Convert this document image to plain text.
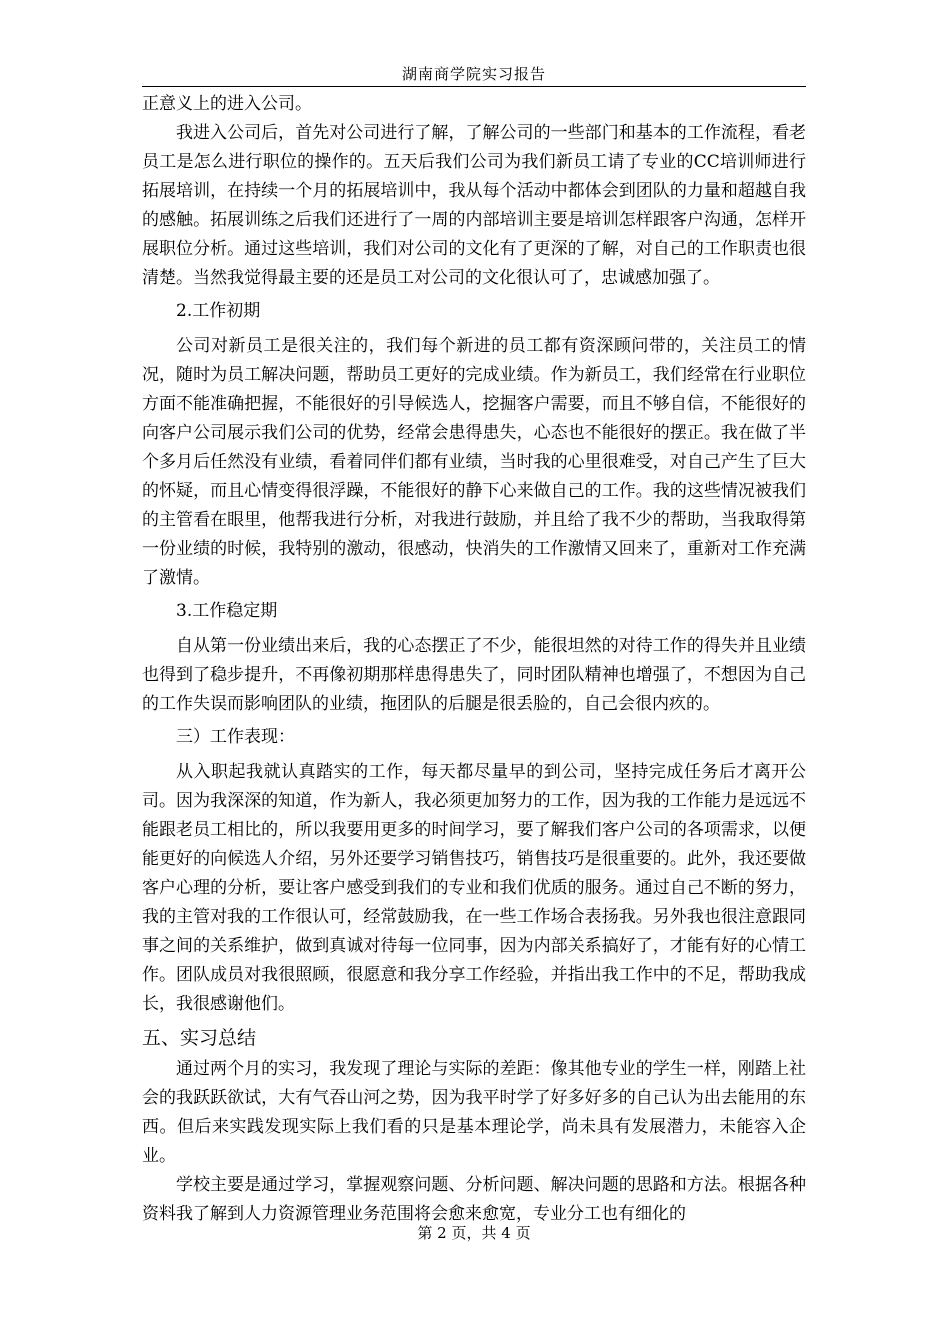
湖南商学院实习报告

正意义上的进入公司。

我进入公司后，首先对公司进行了解，了解公司的一些部门和基本的工作流程，看老员工是怎么进行职位的操作的。五天后我们公司为我们新员工请了专业的CC培训师进行拓展培训，在持续一个月的拓展培训中，我从每个活动中都体会到团队的力量和超越自我的感触。拓展训练之后我们还进行了一周的内部培训主要是培训怎样跟客户沟通，怎样开展职位分析。通过这些培训，我们对公司的文化有了更深的了解，对自己的工作职责也很清楚。当然我觉得最主要的还是员工对公司的文化很认可了，忠诚感加强了。

2.工作初期

公司对新员工是很关注的，我们每个新进的员工都有资深顾问带的，关注员工的情况，随时为员工解决问题，帮助员工更好的完成业绩。作为新员工，我们经常在行业职位方面不能准确把握，不能很好的引导候选人，挖掘客户需要，而且不够自信，不能很好的向客户公司展示我们公司的优势，经常会患得患失，心态也不能很好的摆正。我在做了半个多月后任然没有业绩，看着同伴们都有业绩，当时我的心里很难受，对自己产生了巨大的怀疑，而且心情变得很浮躁，不能很好的静下心来做自己的工作。我的这些情况被我们的主管看在眼里，他帮我进行分析，对我进行鼓励，并且给了我不少的帮助，当我取得第一份业绩的时候，我特别的激动，很感动，快消失的工作激情又回来了，重新对工作充满了激情。

3.工作稳定期

自从第一份业绩出来后，我的心态摆正了不少，能很坦然的对待工作的得失并且业绩也得到了稳步提升，不再像初期那样患得患失了，同时团队精神也增强了，不想因为自己的工作失误而影响团队的业绩，拖团队的后腿是很丢脸的，自己会很内疚的。

三）工作表现：

从入职起我就认真踏实的工作，每天都尽量早的到公司，坚持完成任务后才离开公司。因为我深深的知道，作为新人，我必须更加努力的工作，因为我的工作能力是远远不能跟老员工相比的，所以我要用更多的时间学习，要了解我们客户公司的各项需求，以便能更好的向候选人介绍，另外还要学习销售技巧，销售技巧是很重要的。此外，我还要做客户心理的分析，要让客户感受到我们的专业和我们优质的服务。通过自己不断的努力，我的主管对我的工作很认可，经常鼓励我，在一些工作场合表扬我。另外我也很注意跟同事之间的关系维护，做到真诚对待每一位同事，因为内部关系搞好了，才能有好的心情工作。团队成员对我很照顾，很愿意和我分享工作经验，并指出我工作中的不足，帮助我成长，我很感谢他们。

五、实习总结

通过两个月的实习，我发现了理论与实际的差距：像其他专业的学生一样，刚踏上社会的我跃跃欲试，大有气吞山河之势，因为我平时学了好多好多的自己认为出去能用的东西。但后来实践发现实际上我们看的只是基本理论学，尚未具有发展潜力，未能容入企业。

学校主要是通过学习，掌握观察问题、分析问题、解决问题的思路和方法。根据各种资料我了解到人力资源管理业务范围将会愈来愈宽，专业分工也有细化的

第 2 页，共 4 页
